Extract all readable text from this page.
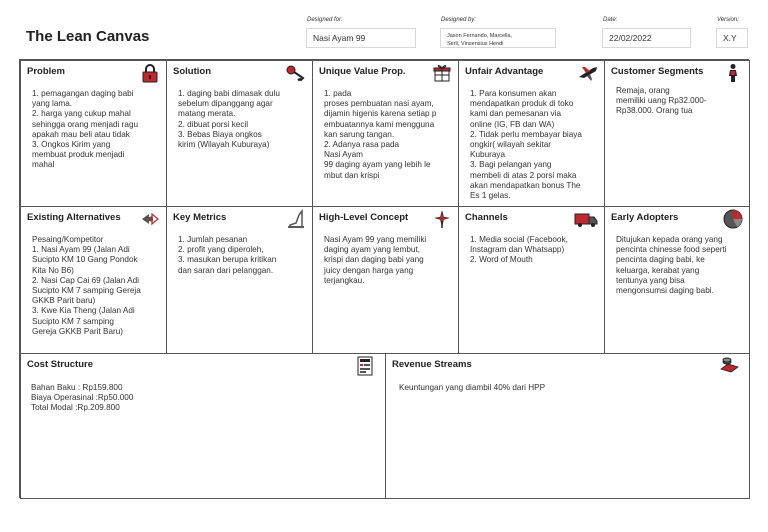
The Lean Canvas
Designed for:
Nasi Ayam 99
Designed by:
Jason Fernando, Marcella,
Serli, Vinsensius Hendi
Date:
22/02/2022
Version:
X.Y
Problem
1. pemagangan daging babi
yang lama.
2. harga yang cukup mahal
sehingga orang menjadi ragu
apakah mau beli atau tidak
3. Ongkos Kirim yang
membuat produk menjadi
mahal
Existing Alternatives
Pesaing/Kompetitor
1. Nasi Ayam 99 (Jalan Adi
Sucipto KM 10 Gang Pondok
Kita No B6)
2. Nasi Cap Cai 69 (Jalan Adi
Sucipto KM 7 samping Gereja
GKKB Parit baru)
3. Kwe Kia Theng (Jalan Adi
Sucipto KM 7 samping
Gereja GKKB Parit Baru)
Solution
1. daging babi dimasak dulu
sebelum dipanggang agar
matang merata.
2. dibuat porsi kecil
3. Bebas Biaya ongkos
kirim (Wilayah Kuburaya)
Key Metrics
1. Jumlah pesanan
2. profit yang diperoleh,
3. masukan berupa kritikan
dan saran dari pelanggan.
Unique Value Prop.
1. pada
proses pembuatan nasi ayam,
dijamin higenis karena setiap p
embuatannya kami mengguna
kan sarung tangan.
2. Adanya rasa pada
Nasi Ayam
99 daging ayam yang lebih le
mbut dan krispi
High-Level Concept
Nasi Ayam 99 yang memiliki
daging ayam yang lembut,
krispi dan daging babi yang
juicy dengan harga yang
terjangkau.
Unfair Advantage
1. Para konsumen akan
mendapatkan produk di toko
kami dan pemesanan via
online (IG, FB dan WA)
2. Tidak perlu membayar biaya
ongkir( wilayah sekitar
Kuburaya
3. Bagi pelangan yang
membeli di atas 2 porsi maka
akan mendapatkan bonus The
Es 1 gelas.
Channels
1. Media social (Facebook,
Instagram dan Whatsapp)
2. Word of Mouth
Customer Segments
Remaja, orang
memiliki uang Rp32.000-
Rp38.000. Orang tua
Early Adopters
Ditujukan kepada orang yang
pencinta chinesse food seperti
pencinta daging babi, ke
keluarga, kerabat yang
tentunya yang bisa
mengonsumsi daging babi.
Cost Structure
Bahan Baku : Rp159.800
Biaya Operasinal :Rp50.000
Total Modal :Rp.209.800
Revenue Streams
Keuntungan yang diambil 40% dari HPP
